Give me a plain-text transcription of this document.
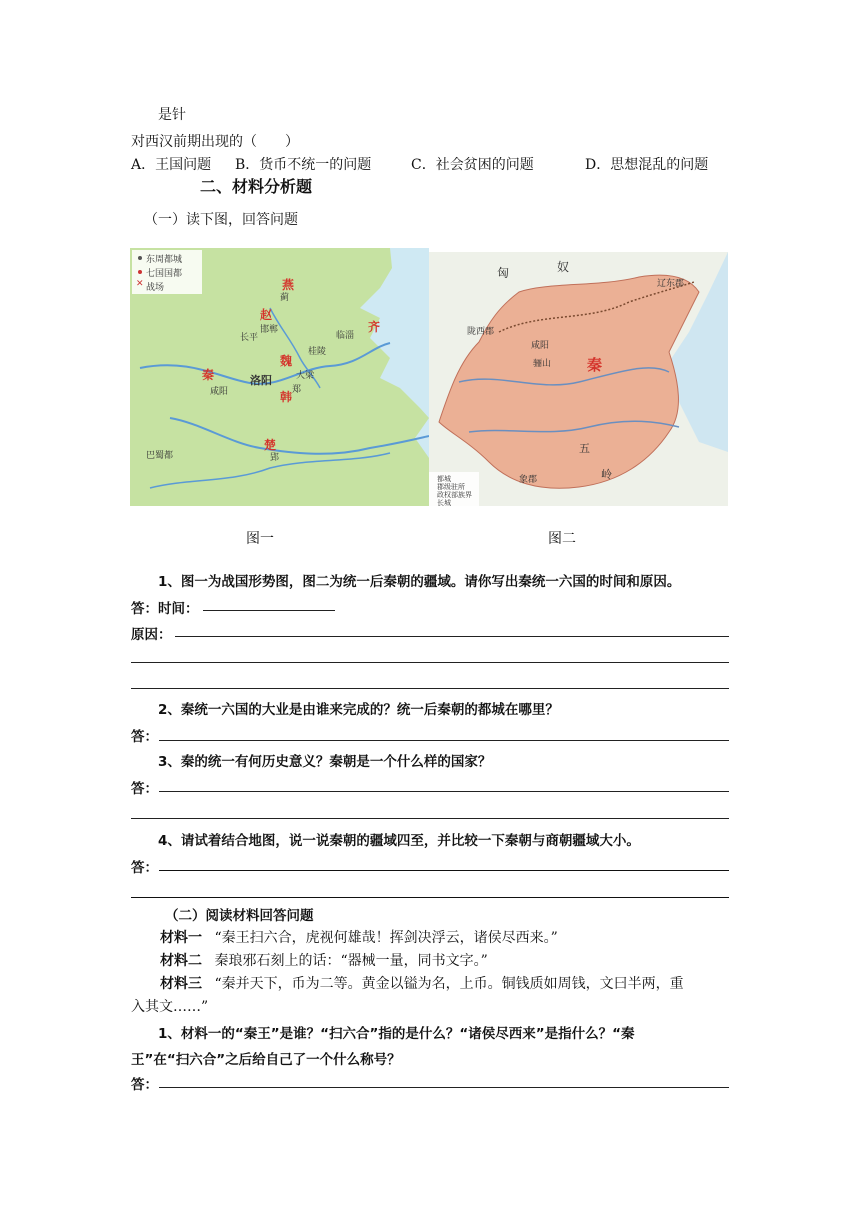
是针
对西汉前期出现的（　　）
A．王国问题 B．货币不统一的问题	C．社会贫困的问题	D．思想混乱的问题
二、材料分析题
（一）读下图，回答问题
东周都城
七国国都
✕ 战场	燕
赵
齐
秦
魏
韩
楚
蓟
邯郸
长平	临淄
桂陵
洛阳	大梁
郑
咸阳
郢
巴蜀都
匈	奴
辽东郡
陇西郡
咸阳
骊山 秦
五
岭
象郡
都城
郡级驻所
政权部族界
长城
图一	图二
1、图一为战国形势图，图二为统一后秦朝的疆域。请你写出秦统一六国的时间和原因。
答：时间：
原因：
2、秦统一六国的大业是由谁来完成的？统一后秦朝的都城在哪里？
答：
3、秦的统一有何历史意义？秦朝是一个什么样的国家？
答：
4、请试着结合地图，说一说秦朝的疆域四至，并比较一下秦朝与商朝疆域大小。
答：
（二）阅读材料回答问题
材料一 “秦王扫六合，虎视何雄哉！挥剑决浮云，诸侯尽西来。”
材料二 秦琅邪石刻上的话：“器械一量，同书文字。”
材料三 “秦并天下，币为二等。黄金以镒为名，上币。铜钱质如周钱，文曰半两，重
入其文……”
1、材料一的“秦王”是谁？“扫六合”指的是什么？“诸侯尽西来”是指什么？“秦
王”在“扫六合”之后给自己了一个什么称号？
答：
